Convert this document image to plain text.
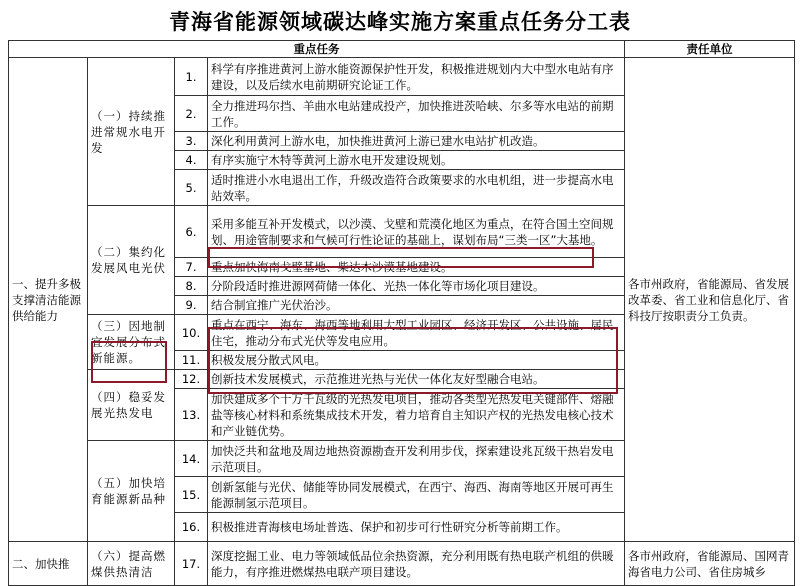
青海省能源领域碳达峰实施方案重点任务分工表
重点任务				责任单位
一、提升多极支撑清洁能源供给能力	（一）持续推进常规水电开发	1.	科学有序推进黄河上游水能资源保护性开发，积极推进规划内大中型水电站有序建设，以及后续水电前期研究论证工作。	各市州政府，省能源局、省发展改革委、省工业和信息化厅、省科技厅按职责分工负责。
		2.	全力推进玛尔挡、羊曲水电站建成投产，加快推进茨哈峡、尔多等水电站的前期工作。	
		3.	深化利用黄河上游水电，加快推进黄河上游已建水电站扩机改造。	
		4.	有序实施宁木特等黄河上游水电开发建设规划。	
		5.	适时推进小水电退出工作，升级改造符合政策要求的水电机组，进一步提高水电站效率。	
	（二）集约化发展风电光伏	6.	采用多能互补开发模式，以沙漠、戈壁和荒漠化地区为重点，在符合国土空间规划、用途管制要求和气候可行性论证的基础上，谋划布局“三类一区”大基地。	
		7.	重点加快海南戈壁基地、柴达木沙漠基地建设。	
		8.	分阶段适时推进源网荷储一体化、光热一体化等市场化项目建设。	
		9.	结合制宜推广光伏治沙。	
	（三）因地制宜发展分布式新能源。	10.	重点在西宁、海东、海西等地利用大型工业园区、经济开发区、公共设施、居民住宅，推动分布式光伏等发电应用。	
		11.	积极发展分散式风电。	
	（四）稳妥发展光热发电	12.	创新技术发展模式，示范推进光热与光伏一体化友好型融合电站。	
		13.	加快建成多个十万千瓦级的光热发电项目，推动各类型光热发电关键部件、熔融盐等核心材料和系统集成技术开发，着力培育自主知识产权的光热发电核心技术和产业链优势。	
	（五）加快培育能源新品种	14.	加快泛共和盆地及周边地热资源勘查开发利用步伐，探索建设兆瓦级干热岩发电示范项目。	
		15.	创新氢能与光伏、储能等协同发展模式，在西宁、海西、海南等地区开展可再生能源制氢示范项目。	
		16.	积极推进青海核电场址普选、保护和初步可行性研究分析等前期工作。	
二、加快推	（六）提高燃煤供热清洁	17.	深度挖掘工业、电力等领域低品位余热资源，充分利用既有热电联产机组的供暖能力，有序推进燃煤热电联产项目建设。	各市州政府，省能源局、国网青海省电力公司、省住房城乡
